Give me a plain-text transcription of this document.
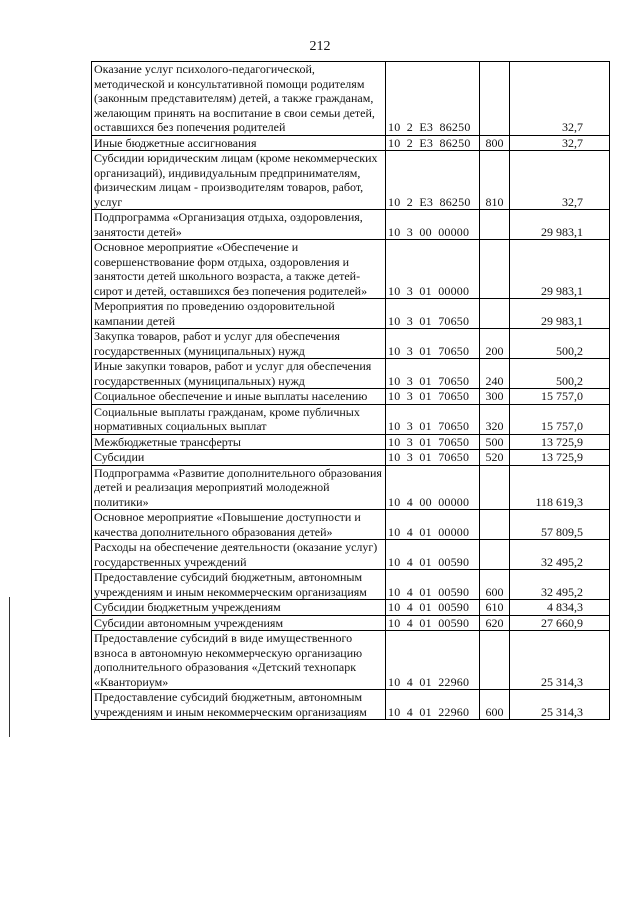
212
Оказание услуг психолого-педагогической, методической и консультативной помощи родителям (законным представителям) детей, а также гражданам, желающим принять на воспитание в свои семьи детей, оставшихся без попечения родителей	10  2  Е3  86250		32,7
Иные бюджетные ассигнования	10  2  Е3  86250	800	32,7
Субсидии юридическим лицам (кроме некоммерческих организаций), индивидуальным предпринимателям, физическим лицам - производителям товаров, работ, услуг	10  2  Е3  86250	810	32,7
Подпрограмма «Организация отдыха, оздоровления, занятости детей»	10  3  00  00000		29 983,1
Основное мероприятие «Обеспечение и совершенствование форм отдыха, оздоровления и занятости детей школьного возраста, а также детей-сирот и детей, оставшихся без попечения родителей»	10  3  01  00000		29 983,1
Мероприятия по проведению оздоровительной кампании детей	10  3  01  70650		29 983,1
Закупка товаров, работ и услуг для обеспечения государственных (муниципальных) нужд	10  3  01  70650	200	500,2
Иные закупки товаров, работ и услуг для обеспечения государственных (муниципальных) нужд	10  3  01  70650	240	500,2
Социальное обеспечение и иные выплаты населению	10  3  01  70650	300	15 757,0
Социальные выплаты гражданам, кроме публичных нормативных социальных выплат	10  3  01  70650	320	15 757,0
Межбюджетные трансферты	10  3  01  70650	500	13 725,9
Субсидии	10  3  01  70650	520	13 725,9
Подпрограмма «Развитие дополнительного образования детей и реализация мероприятий молодежной политики»	10  4  00  00000		118 619,3
Основное мероприятие «Повышение доступности и качества дополнительного образования детей»	10  4  01  00000		57 809,5
Расходы на обеспечение деятельности (оказание услуг) государственных учреждений	10  4  01  00590		32 495,2
Предоставление субсидий бюджетным, автономным учреждениям и иным некоммерческим организациям	10  4  01  00590	600	32 495,2
Субсидии бюджетным учреждениям	10  4  01  00590	610	4 834,3
Субсидии автономным учреждениям	10  4  01  00590	620	27 660,9
Предоставление субсидий в виде имущественного взноса в автономную некоммерческую организацию дополнительного образования «Детский технопарк «Кванториум»	10  4  01  22960		25 314,3
Предоставление субсидий бюджетным, автономным учреждениям и иным некоммерческим организациям	10  4  01  22960	600	25 314,3
